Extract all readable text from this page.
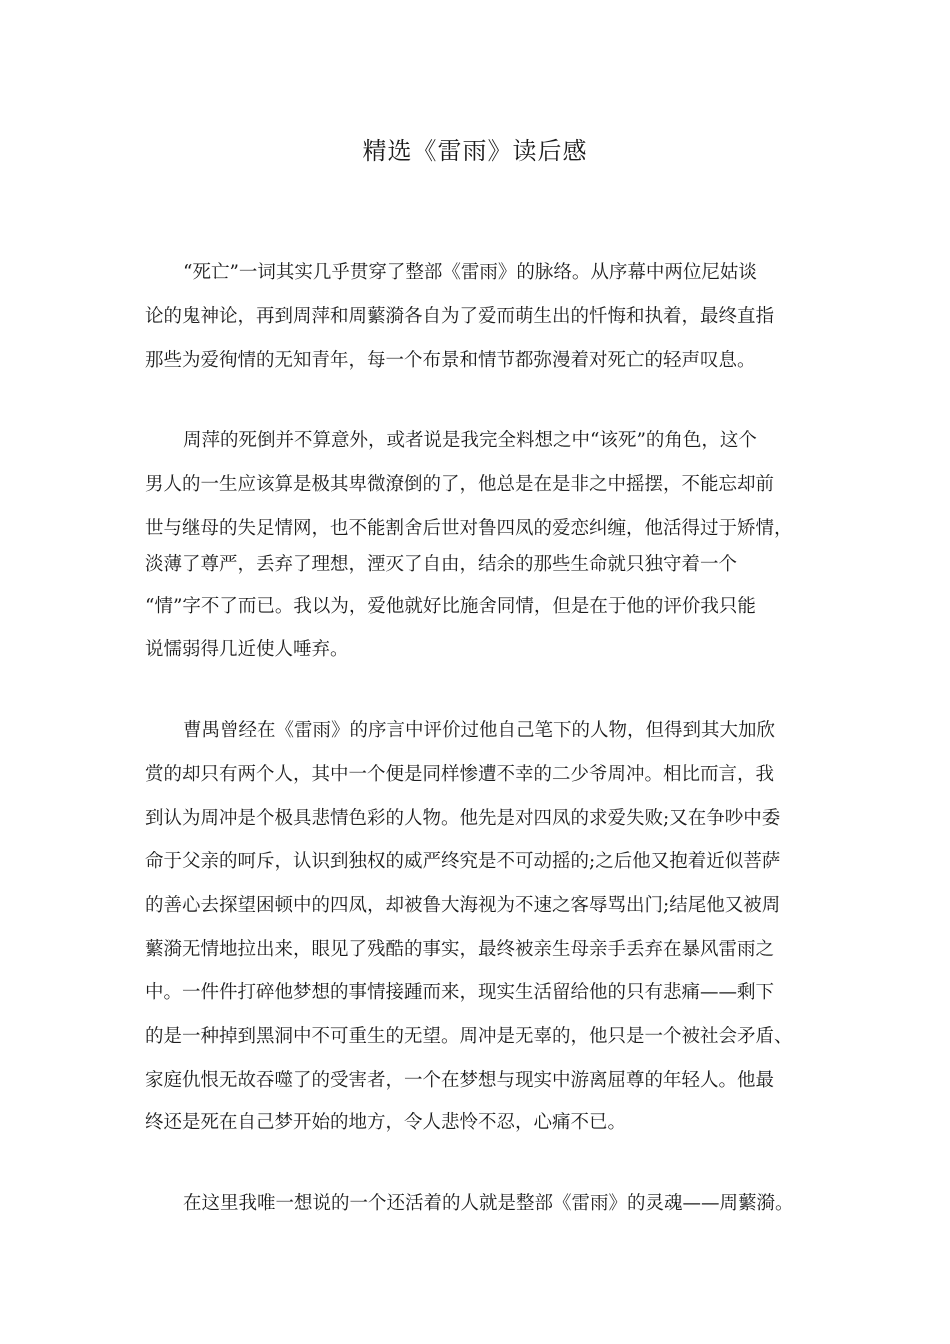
精选《雷雨》读后感
“死亡”一词其实几乎贯穿了整部《雷雨》的脉络。从序幕中两位尼姑谈
论的鬼神论，再到周萍和周蘩漪各自为了爱而萌生出的忏悔和执着，最终直指
那些为爱徇情的无知青年，每一个布景和情节都弥漫着对死亡的轻声叹息。
周萍的死倒并不算意外，或者说是我完全料想之中“该死”的角色，这个
男人的一生应该算是极其卑微潦倒的了，他总是在是非之中摇摆，不能忘却前
世与继母的失足情网，也不能割舍后世对鲁四凤的爱恋纠缠，他活得过于矫情，
淡薄了尊严，丢弃了理想，湮灭了自由，结余的那些生命就只独守着一个
“情”字不了而已。我以为，爱他就好比施舍同情，但是在于他的评价我只能
说懦弱得几近使人唾弃。
曹禺曾经在《雷雨》的序言中评价过他自己笔下的人物，但得到其大加欣
赏的却只有两个人，其中一个便是同样惨遭不幸的二少爷周冲。相比而言，我
到认为周冲是个极具悲情色彩的人物。他先是对四凤的求爱失败;又在争吵中委
命于父亲的呵斥，认识到独权的威严终究是不可动摇的;之后他又抱着近似菩萨
的善心去探望困顿中的四凤，却被鲁大海视为不速之客辱骂出门;结尾他又被周
蘩漪无情地拉出来，眼见了残酷的事实，最终被亲生母亲手丢弃在暴风雷雨之
中。一件件打碎他梦想的事情接踵而来，现实生活留给他的只有悲痛——剩下
的是一种掉到黑洞中不可重生的无望。周冲是无辜的，他只是一个被社会矛盾、
家庭仇恨无故吞噬了的受害者，一个在梦想与现实中游离屈尊的年轻人。他最
终还是死在自己梦开始的地方，令人悲怜不忍，心痛不已。
在这里我唯一想说的一个还活着的人就是整部《雷雨》的灵魂——周蘩漪。
